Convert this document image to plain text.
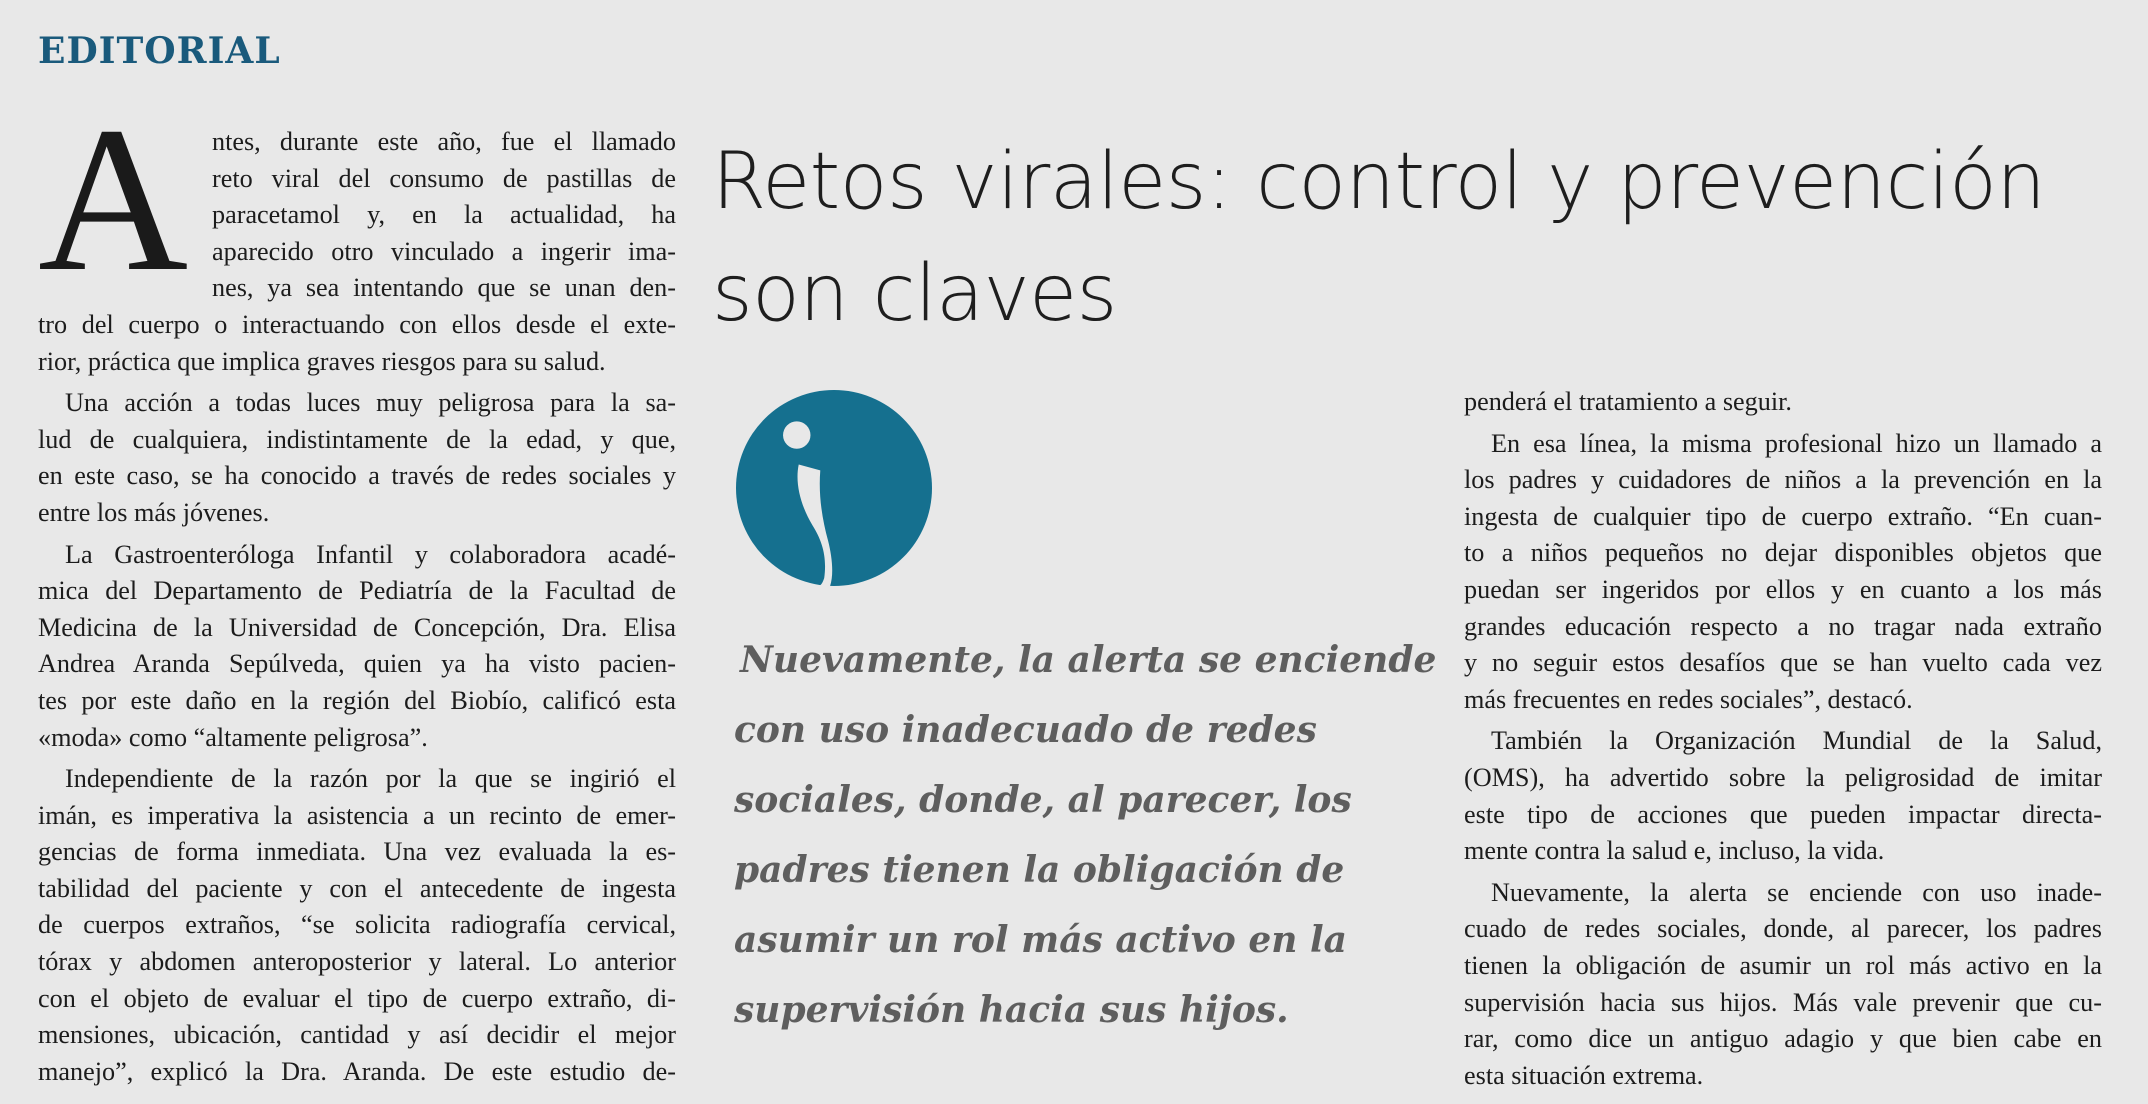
EDITORIAL
A ntes, durante este año, fue el llamado
reto viral del consumo de pastillas de
paracetamol y, en la actualidad, ha
aparecido otro vinculado a ingerir ima-
nes, ya sea intentando que se unan den-
tro del cuerpo o interactuando con ellos desde el exte-
rior, práctica que implica graves riesgos para su salud.
Una acción a todas luces muy peligrosa para la sa-
lud de cualquiera, indistintamente de la edad, y que,
en este caso, se ha conocido a través de redes sociales y
entre los más jóvenes.
La Gastroenteróloga Infantil y colaboradora acadé-
mica del Departamento de Pediatría de la Facultad de
Medicina de la Universidad de Concepción, Dra. Elisa
Andrea Aranda Sepúlveda, quien ya ha visto pacien-
tes por este daño en la región del Biobío, calificó esta
«moda» como “altamente peligrosa”.
Independiente de la razón por la que se ingirió el
imán, es imperativa la asistencia a un recinto de emer-
gencias de forma inmediata. Una vez evaluada la es-
tabilidad del paciente y con el antecedente de ingesta
de cuerpos extraños, “se solicita radiografía cervical,
tórax y abdomen anteroposterior y lateral. Lo anterior
con el objeto de evaluar el tipo de cuerpo extraño, di-
mensiones, ubicación, cantidad y así decidir el mejor
manejo”, explicó la Dra. Aranda. De este estudio de-
Retos virales: control y prevención
son claves
Nuevamente, la alerta se enciende
con uso inadecuado de redes
sociales, donde, al parecer, los
padres tienen la obligación de
asumir un rol más activo en la
supervisión hacia sus hijos.
penderá el tratamiento a seguir.
En esa línea, la misma profesional hizo un llamado a
los padres y cuidadores de niños a la prevención en la
ingesta de cualquier tipo de cuerpo extraño. “En cuan-
to a niños pequeños no dejar disponibles objetos que
puedan ser ingeridos por ellos y en cuanto a los más
grandes educación respecto a no tragar nada extraño
y no seguir estos desafíos que se han vuelto cada vez
más frecuentes en redes sociales”, destacó.
También la Organización Mundial de la Salud,
(OMS), ha advertido sobre la peligrosidad de imitar
este tipo de acciones que pueden impactar directa-
mente contra la salud e, incluso, la vida.
Nuevamente, la alerta se enciende con uso inade-
cuado de redes sociales, donde, al parecer, los padres
tienen la obligación de asumir un rol más activo en la
supervisión hacia sus hijos. Más vale prevenir que cu-
rar, como dice un antiguo adagio y que bien cabe en
esta situación extrema.
